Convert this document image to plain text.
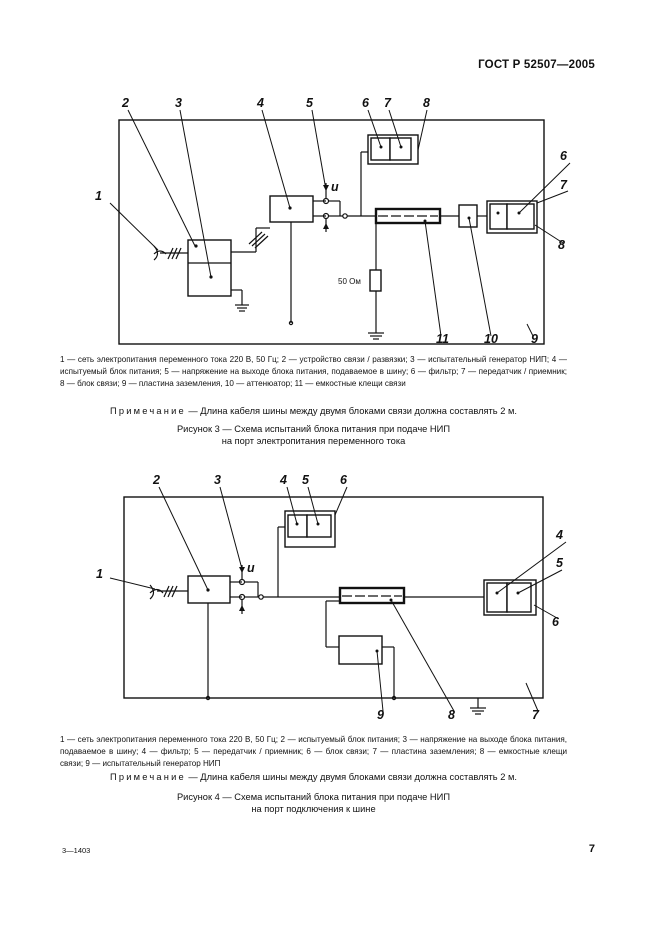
ГОСТ Р 52507—2005
u
50 Ом
1
2	3	4	5	6 7	8
6
7
8
9
10
11
1 — сеть электропитания переменного тока 220 В, 50 Гц; 2 — устройство связи / развязки; 3 — испытательный генератор НИП; 4 — испытуемый блок питания; 5 — напряжение на выходе блока питания, подаваемое в шину; 6 — фильтр; 7 — передатчик / приемник; 8 — блок связи; 9 — пластина заземления, 10 — аттенюатор; 11 — емкостные клещи связи
Примечание — Длина кабеля шины между двумя блоками связи должна составлять 2 м.
Рисунок 3 — Схема испытаний блока питания при подаче НИП
на порт электропитания переменного тока
u
1
2	3	4 5 6
4
5
6
7
8
9
1 — сеть электропитания переменного тока 220 В, 50 Гц; 2 — испытуемый блок питания; 3 — напряжение на выходе блока питания, подаваемое в шину; 4 — фильтр; 5 — передатчик / приемник; 6 — блок связи; 7 — пластина заземления; 8 — емкостные клещи связи; 9 — испытательный генератор НИП
Примечание — Длина кабеля шины между двумя блоками связи должна составлять 2 м.
Рисунок 4 — Схема испытаний блока питания при подаче НИП
на порт подключения к шине
3—1403	7
